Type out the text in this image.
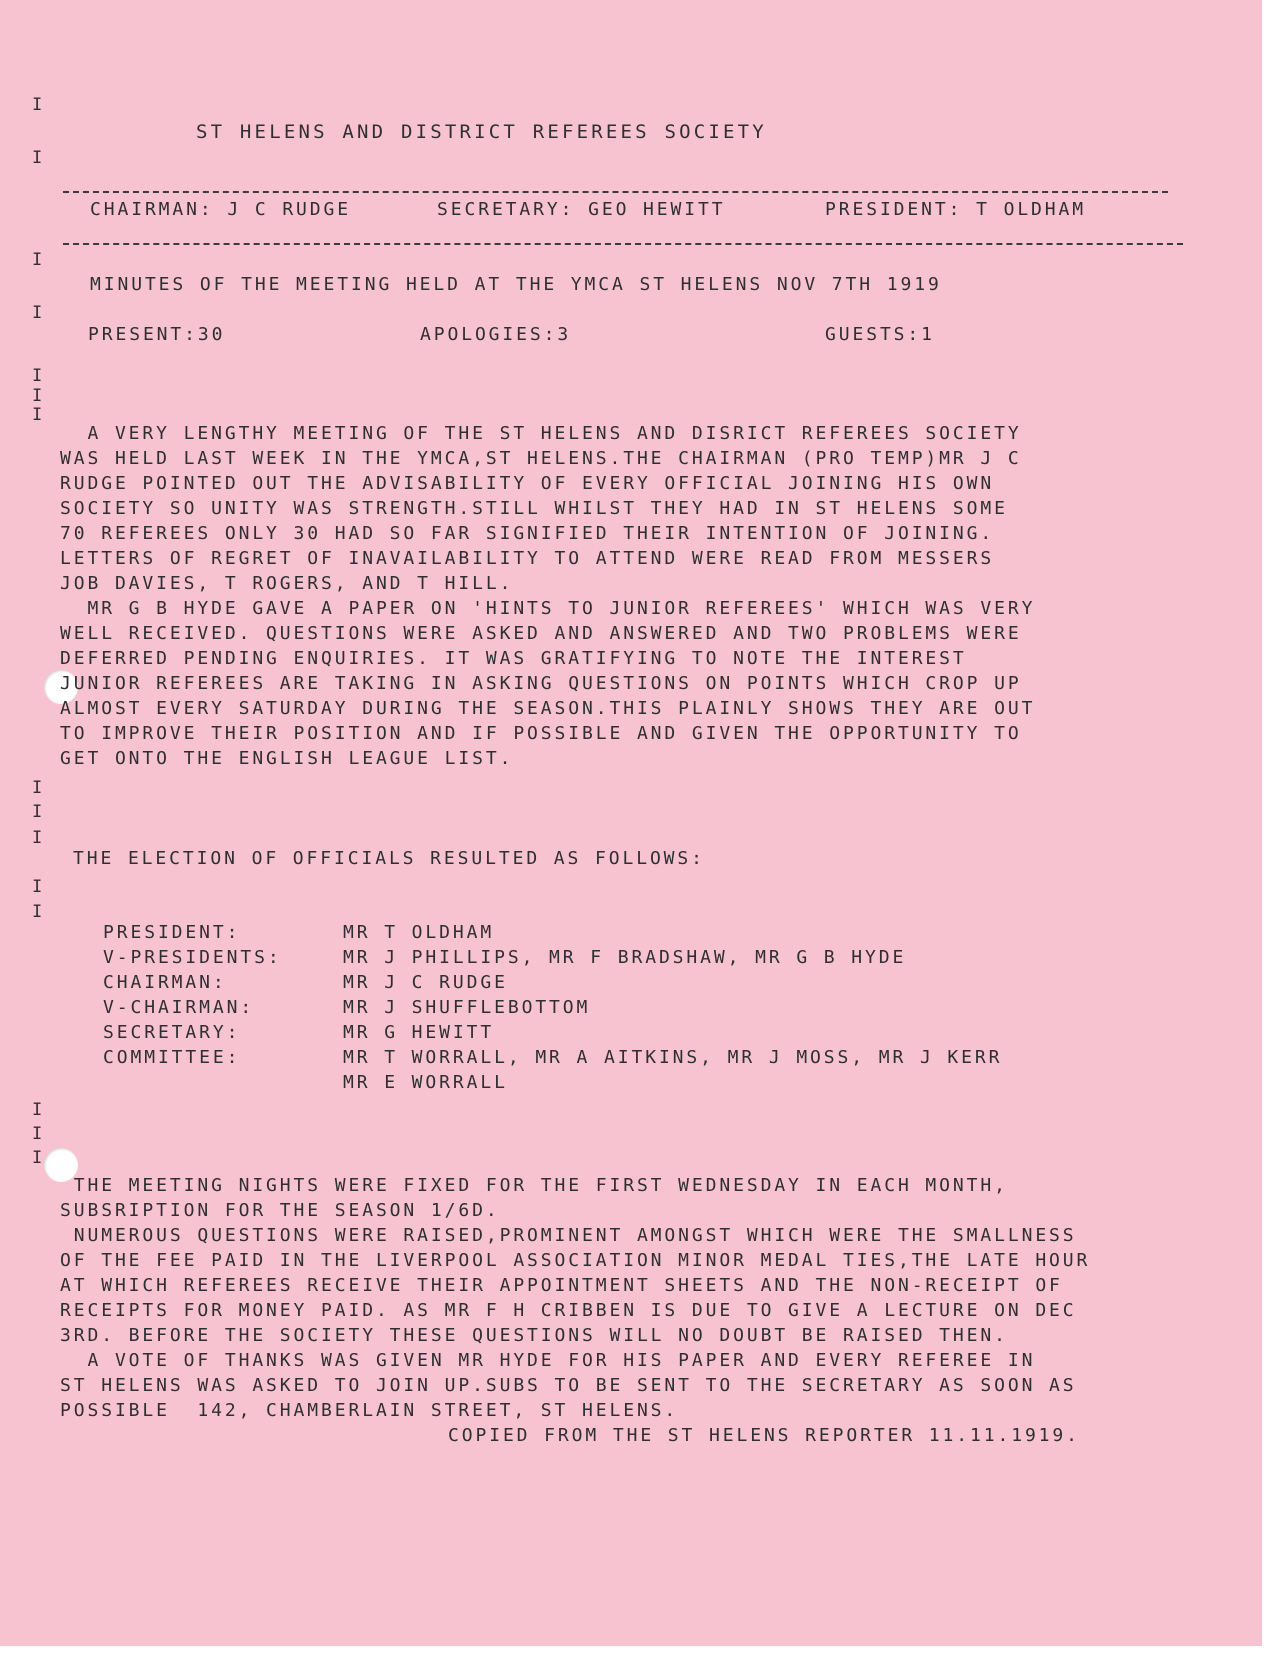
I
I
I
I
I
I
I
I
I
I
I
I
I
I
I
ST HELENS AND DISTRICT REFEREES SOCIETY
CHAIRMAN: J C RUDGE	SECRETARY: GEO HEWITT	PRESIDENT: T OLDHAM
MINUTES OF THE MEETING HELD AT THE YMCA ST HELENS NOV 7TH 1919
PRESENT:30	APOLOGIES:3	GUESTS:1
A VERY LENGTHY MEETING OF THE ST HELENS AND DISRICT REFEREES SOCIETY
WAS HELD LAST WEEK IN THE YMCA,ST HELENS.THE CHAIRMAN (PRO TEMP)MR J C
RUDGE POINTED OUT THE ADVISABILITY OF EVERY OFFICIAL JOINING HIS OWN
SOCIETY SO UNITY WAS STRENGTH.STILL WHILST THEY HAD IN ST HELENS SOME
70 REFEREES ONLY 30 HAD SO FAR SIGNIFIED THEIR INTENTION OF JOINING.
LETTERS OF REGRET OF INAVAILABILITY TO ATTEND WERE READ FROM MESSERS
JOB DAVIES, T ROGERS, AND T HILL.
MR G B HYDE GAVE A PAPER ON 'HINTS TO JUNIOR REFEREES' WHICH WAS VERY
WELL RECEIVED. QUESTIONS WERE ASKED AND ANSWERED AND TWO PROBLEMS WERE
DEFERRED PENDING ENQUIRIES. IT WAS GRATIFYING TO NOTE THE INTEREST
JUNIOR REFEREES ARE TAKING IN ASKING QUESTIONS ON POINTS WHICH CROP UP
ALMOST EVERY SATURDAY DURING THE SEASON.THIS PLAINLY SHOWS THEY ARE OUT
TO IMPROVE THEIR POSITION AND IF POSSIBLE AND GIVEN THE OPPORTUNITY TO
GET ONTO THE ENGLISH LEAGUE LIST.
THE ELECTION OF OFFICIALS RESULTED AS FOLLOWS:
PRESIDENT:	MR T OLDHAM
V-PRESIDENTS:	MR J PHILLIPS, MR F BRADSHAW, MR G B HYDE
CHAIRMAN:	MR J C RUDGE
V-CHAIRMAN:	MR J SHUFFLEBOTTOM
SECRETARY:	MR G HEWITT
COMMITTEE:	MR T WORRALL, MR A AITKINS, MR J MOSS, MR J KERR
MR E WORRALL
THE MEETING NIGHTS WERE FIXED FOR THE FIRST WEDNESDAY IN EACH MONTH,
SUBSRIPTION FOR THE SEASON 1/6D.
NUMEROUS QUESTIONS WERE RAISED,PROMINENT AMONGST WHICH WERE THE SMALLNESS
OF THE FEE PAID IN THE LIVERPOOL ASSOCIATION MINOR MEDAL TIES,THE LATE HOUR
AT WHICH REFEREES RECEIVE THEIR APPOINTMENT SHEETS AND THE NON-RECEIPT OF
RECEIPTS FOR MONEY PAID. AS MR F H CRIBBEN IS DUE TO GIVE A LECTURE ON DEC
3RD. BEFORE THE SOCIETY THESE QUESTIONS WILL NO DOUBT BE RAISED THEN.
A VOTE OF THANKS WAS GIVEN MR HYDE FOR HIS PAPER AND EVERY REFEREE IN
ST HELENS WAS ASKED TO JOIN UP.SUBS TO BE SENT TO THE SECRETARY AS SOON AS
POSSIBLE  142, CHAMBERLAIN STREET, ST HELENS.
COPIED FROM THE ST HELENS REPORTER 11.11.1919.
